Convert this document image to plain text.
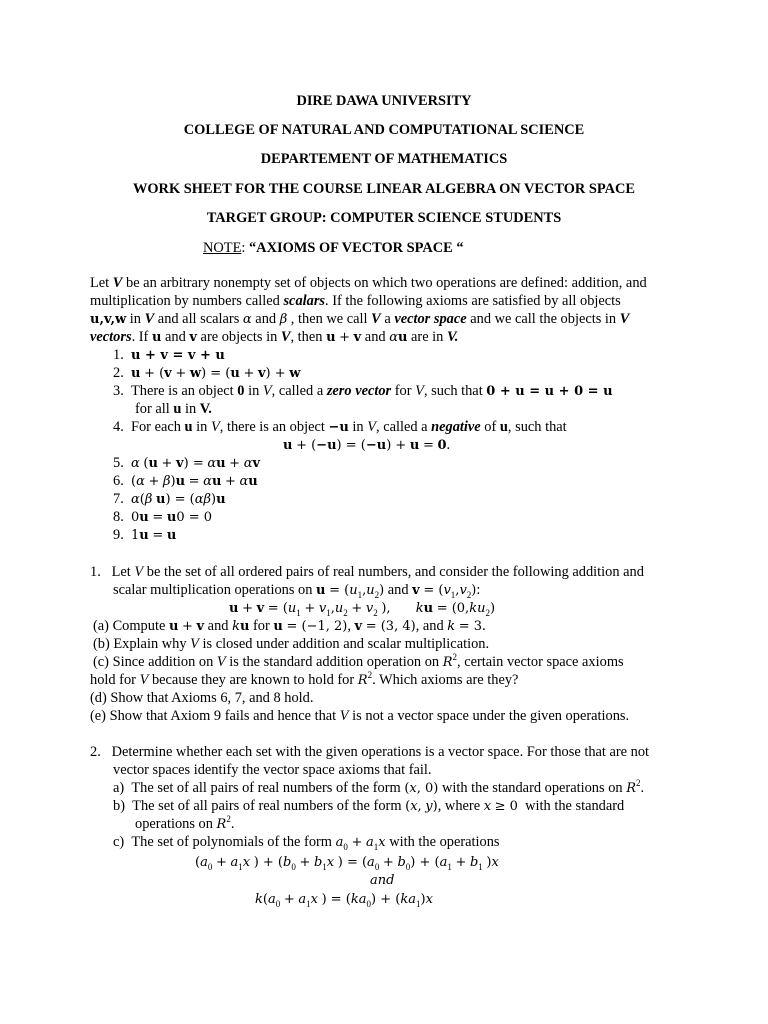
DIRE DAWA UNIVERSITY
COLLEGE OF NATURAL AND COMPUTATIONAL SCIENCE
DEPARTEMENT OF MATHEMATICS
WORK SHEET FOR THE COURSE LINEAR ALGEBRA ON VECTOR SPACE
TARGET GROUP: COMPUTER SCIENCE STUDENTS
NOTE: “AXIOMS OF VECTOR SPACE “
Let V be an arbitrary nonempty set of objects on which two operations are defined: addition, and
multiplication by numbers called scalars. If the following axioms are satisfied by all objects
u,v,w in V and all scalars α and β , then we call V a vector space and we call the objects in V
vectors. If u and v are objects in V, then u + v and αu are in V.
1.  u + v = v + u
2.  u + (v + w) = (u + v) + w
3.  There is an object 0 in V, called a zero vector for V, such that 0 + u = u + 0 = u
for all u in V.
4.  For each u in V, there is an object −u in V, called a negative of u, such that
u + (−u) = (−u) + u = 0.
5.  α (u + v) = αu + αv
6.  (α + β)u = αu + αu
7.  α(β u) = (αβ)u
8.  0u = u0 = 0
9.  1u = u
1.   Let V be the set of all ordered pairs of real numbers, and consider the following addition and
scalar multiplication operations on $u = (u_1,u_2)$ and $v = (v_1,v_2)$:
$u + v = (u_1 + v_1,u_2 + v_2$ ), ku = $(0,ku_2)$
(a) Compute u + v and ku for u = (−1, 2), v = (3, 4), and k = 3.
(b) Explain why V is closed under addition and scalar multiplication.
(c) Since addition on V is the standard addition operation on $R^2$, certain vector space axioms
hold for V because they are known to hold for $R^2$. Which axioms are they?
(d) Show that Axioms 6, 7, and 8 hold.
(e) Show that Axiom 9 fails and hence that V is not a vector space under the given operations.
2. Determine whether each set with the given operations is a vector space. For those that are not
vector spaces identify the vector space axioms that fail.
a)  The set of all pairs of real numbers of the form (x, 0) with the standard operations on $R^2$.
b)  The set of all pairs of real numbers of the form (x, y), where x ≥ 0  with the standard
operations on $R^2$.
c)  The set of polynomials of the form $a_0 + a_1x$ with the operations
($a_0 + a_1x$ ) + ($b_0 + b_1x$ ) = $(a_0 + b_0) + (a_1 + b_1$ )x
and
$k(a_0 + a_1x$ ) = $(ka_0) + (ka_1)x$
